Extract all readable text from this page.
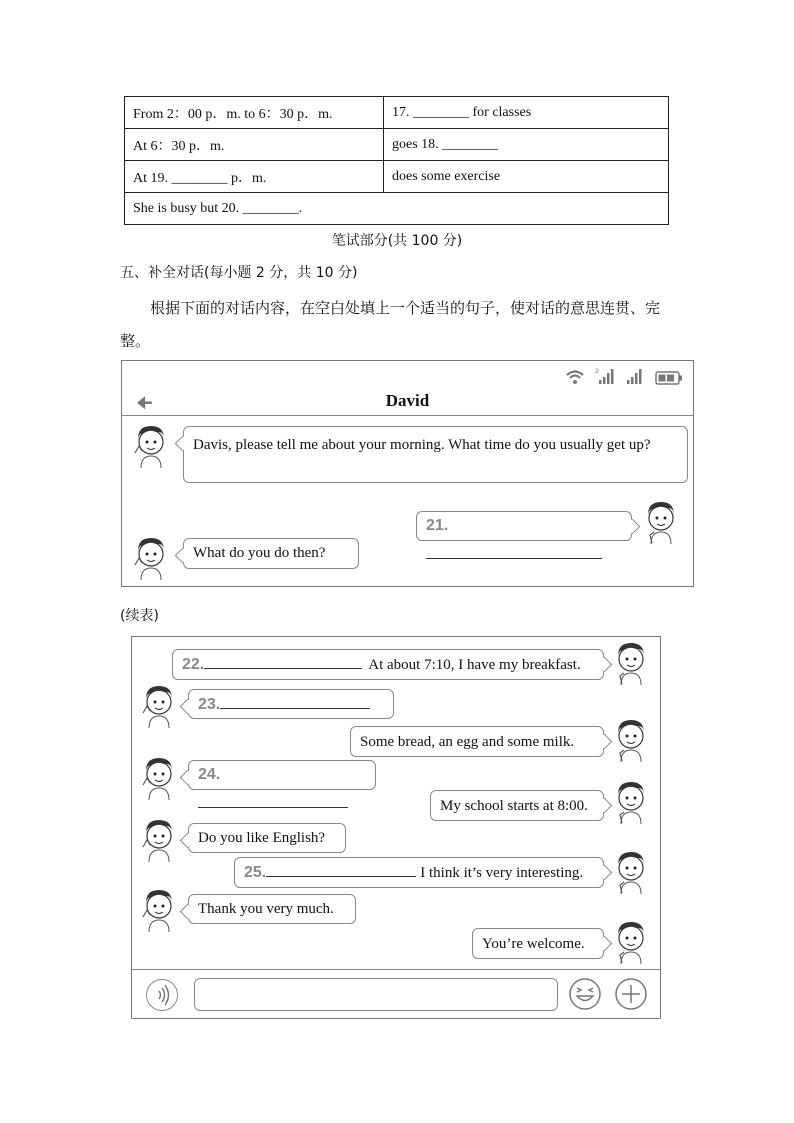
From 2：00 p．m. to 6：30 p．m.	17. ________ for classes
At 6：30 p．m.	goes 18. ________
At 19. ________ p．m.	does some exercise
She is busy but 20. ________.	
笔试部分(共 100 分)
五、补全对话(每小题 2 分，共 10 分)
根据下面的对话内容，在空白处填上一个适当的句子，使对话的意思连贯、完整。
2
🠈	David
Davis, please tell me about your morning. What time do you usually get up?
21.
What do you do then?
(续表)
22.	At about 7:10, I have my breakfast.
23.
Some bread, an egg and some milk.
24.
My school starts at 8:00.
Do you like English?
25.	I think it’s very interesting.
Thank you very much.
You’re welcome.
